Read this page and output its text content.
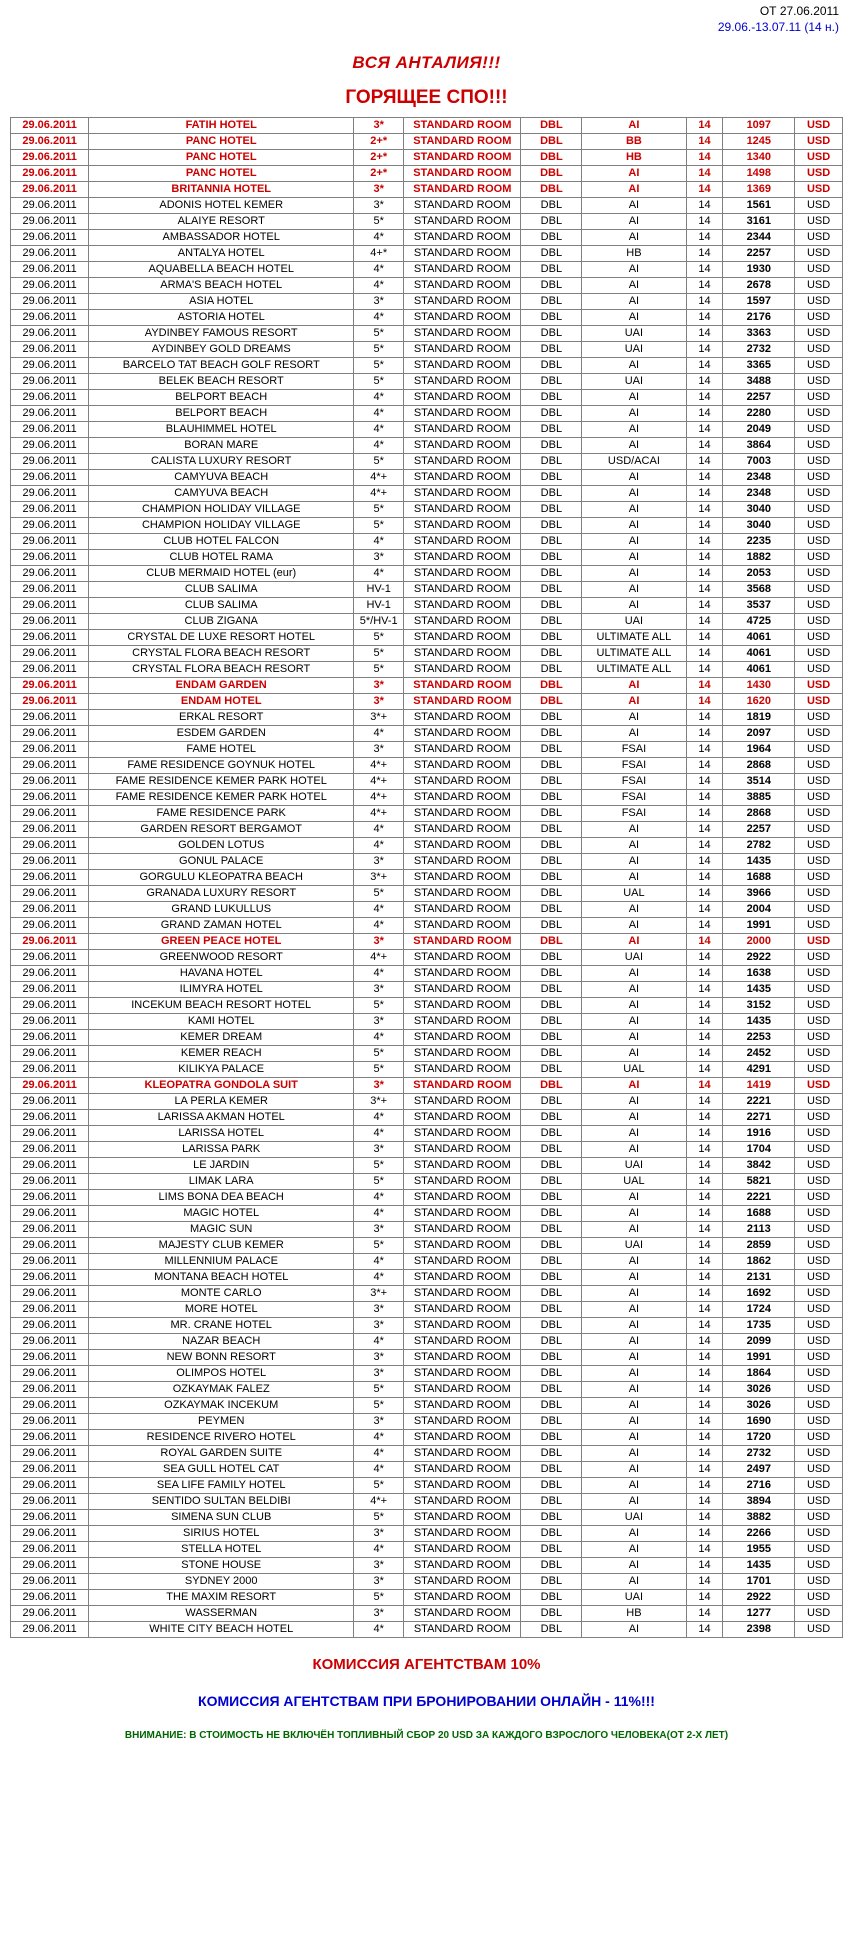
ОТ 27.06.2011
29.06.-13.07.11 (14 н.)
ВСЯ АНТАЛИЯ!!!
ГОРЯЩЕЕ СПО!!!
29.06.2011	FATIH HOTEL	3*	STANDARD ROOM	DBL	AI	14	1097	USD
29.06.2011	PANC HOTEL	2+*	STANDARD ROOM	DBL	BB	14	1245	USD
29.06.2011	PANC HOTEL	2+*	STANDARD ROOM	DBL	HB	14	1340	USD
29.06.2011	PANC HOTEL	2+*	STANDARD ROOM	DBL	AI	14	1498	USD
29.06.2011	BRITANNIA HOTEL	3*	STANDARD ROOM	DBL	AI	14	1369	USD
29.06.2011	ADONIS HOTEL KEMER	3*	STANDARD ROOM	DBL	AI	14	1561	USD
29.06.2011	ALAIYE RESORT	5*	STANDARD ROOM	DBL	AI	14	3161	USD
29.06.2011	AMBASSADOR HOTEL	4*	STANDARD ROOM	DBL	AI	14	2344	USD
29.06.2011	ANTALYA HOTEL	4+*	STANDARD ROOM	DBL	HB	14	2257	USD
29.06.2011	AQUABELLA BEACH HOTEL	4*	STANDARD ROOM	DBL	AI	14	1930	USD
29.06.2011	ARMA'S BEACH HOTEL	4*	STANDARD ROOM	DBL	AI	14	2678	USD
29.06.2011	ASIA HOTEL	3*	STANDARD ROOM	DBL	AI	14	1597	USD
29.06.2011	ASTORIA HOTEL	4*	STANDARD ROOM	DBL	AI	14	2176	USD
29.06.2011	AYDINBEY FAMOUS RESORT	5*	STANDARD ROOM	DBL	UAI	14	3363	USD
29.06.2011	AYDINBEY GOLD DREAMS	5*	STANDARD ROOM	DBL	UAI	14	2732	USD
29.06.2011	BARCELO TAT BEACH GOLF RESORT	5*	STANDARD ROOM	DBL	AI	14	3365	USD
29.06.2011	BELEK BEACH RESORT	5*	STANDARD ROOM	DBL	UAI	14	3488	USD
29.06.2011	BELPORT BEACH	4*	STANDARD ROOM	DBL	AI	14	2257	USD
29.06.2011	BELPORT BEACH	4*	STANDARD ROOM	DBL	AI	14	2280	USD
29.06.2011	BLAUHIMMEL HOTEL	4*	STANDARD ROOM	DBL	AI	14	2049	USD
29.06.2011	BORAN MARE	4*	STANDARD ROOM	DBL	AI	14	3864	USD
29.06.2011	CALISTA LUXURY RESORT	5*	STANDARD ROOM	DBL	USD/ACAI	14	7003	USD
29.06.2011	CAMYUVA BEACH	4*+	STANDARD ROOM	DBL	AI	14	2348	USD
29.06.2011	CAMYUVA BEACH	4*+	STANDARD ROOM	DBL	AI	14	2348	USD
29.06.2011	CHAMPION HOLIDAY VILLAGE	5*	STANDARD ROOM	DBL	AI	14	3040	USD
29.06.2011	CHAMPION HOLIDAY VILLAGE	5*	STANDARD ROOM	DBL	AI	14	3040	USD
29.06.2011	CLUB HOTEL FALCON	4*	STANDARD ROOM	DBL	AI	14	2235	USD
29.06.2011	CLUB HOTEL RAMA	3*	STANDARD ROOM	DBL	AI	14	1882	USD
29.06.2011	CLUB MERMAID HOTEL (eur)	4*	STANDARD ROOM	DBL	AI	14	2053	USD
29.06.2011	CLUB SALIMA	HV-1	STANDARD ROOM	DBL	AI	14	3568	USD
29.06.2011	CLUB SALIMA	HV-1	STANDARD ROOM	DBL	AI	14	3537	USD
29.06.2011	CLUB ZIGANA	5*/HV-1	STANDARD ROOM	DBL	UAI	14	4725	USD
29.06.2011	CRYSTAL DE LUXE RESORT HOTEL	5*	STANDARD ROOM	DBL	ULTIMATE ALL	14	4061	USD
29.06.2011	CRYSTAL FLORA BEACH RESORT	5*	STANDARD ROOM	DBL	ULTIMATE ALL	14	4061	USD
29.06.2011	CRYSTAL FLORA BEACH RESORT	5*	STANDARD ROOM	DBL	ULTIMATE ALL	14	4061	USD
29.06.2011	ENDAM GARDEN	3*	STANDARD ROOM	DBL	AI	14	1430	USD
29.06.2011	ENDAM HOTEL	3*	STANDARD ROOM	DBL	AI	14	1620	USD
29.06.2011	ERKAL RESORT	3*+	STANDARD ROOM	DBL	AI	14	1819	USD
29.06.2011	ESDEM GARDEN	4*	STANDARD ROOM	DBL	AI	14	2097	USD
29.06.2011	FAME HOTEL	3*	STANDARD ROOM	DBL	FSAI	14	1964	USD
29.06.2011	FAME RESIDENCE GOYNUK HOTEL	4*+	STANDARD ROOM	DBL	FSAI	14	2868	USD
29.06.2011	FAME RESIDENCE KEMER PARK HOTEL	4*+	STANDARD ROOM	DBL	FSAI	14	3514	USD
29.06.2011	FAME RESIDENCE KEMER PARK HOTEL	4*+	STANDARD ROOM	DBL	FSAI	14	3885	USD
29.06.2011	FAME RESIDENCE PARK	4*+	STANDARD ROOM	DBL	FSAI	14	2868	USD
29.06.2011	GARDEN RESORT BERGAMOT	4*	STANDARD ROOM	DBL	AI	14	2257	USD
29.06.2011	GOLDEN LOTUS	4*	STANDARD ROOM	DBL	AI	14	2782	USD
29.06.2011	GONUL PALACE	3*	STANDARD ROOM	DBL	AI	14	1435	USD
29.06.2011	GORGULU KLEOPATRA BEACH	3*+	STANDARD ROOM	DBL	AI	14	1688	USD
29.06.2011	GRANADA LUXURY RESORT	5*	STANDARD ROOM	DBL	UAL	14	3966	USD
29.06.2011	GRAND LUKULLUS	4*	STANDARD ROOM	DBL	AI	14	2004	USD
29.06.2011	GRAND ZAMAN HOTEL	4*	STANDARD ROOM	DBL	AI	14	1991	USD
29.06.2011	GREEN PEACE HOTEL	3*	STANDARD ROOM	DBL	AI	14	2000	USD
29.06.2011	GREENWOOD RESORT	4*+	STANDARD ROOM	DBL	UAI	14	2922	USD
29.06.2011	HAVANA HOTEL	4*	STANDARD ROOM	DBL	AI	14	1638	USD
29.06.2011	ILIMYRA HOTEL	3*	STANDARD ROOM	DBL	AI	14	1435	USD
29.06.2011	INCEKUM BEACH RESORT HOTEL	5*	STANDARD ROOM	DBL	AI	14	3152	USD
29.06.2011	KAMI HOTEL	3*	STANDARD ROOM	DBL	AI	14	1435	USD
29.06.2011	KEMER DREAM	4*	STANDARD ROOM	DBL	AI	14	2253	USD
29.06.2011	KEMER REACH	5*	STANDARD ROOM	DBL	AI	14	2452	USD
29.06.2011	KILIKYA PALACE	5*	STANDARD ROOM	DBL	UAL	14	4291	USD
29.06.2011	KLEOPATRA GONDOLA SUIT	3*	STANDARD ROOM	DBL	AI	14	1419	USD
29.06.2011	LA PERLA KEMER	3*+	STANDARD ROOM	DBL	AI	14	2221	USD
29.06.2011	LARISSA AKMAN HOTEL	4*	STANDARD ROOM	DBL	AI	14	2271	USD
29.06.2011	LARISSA HOTEL	4*	STANDARD ROOM	DBL	AI	14	1916	USD
29.06.2011	LARISSA PARK	3*	STANDARD ROOM	DBL	AI	14	1704	USD
29.06.2011	LE JARDIN	5*	STANDARD ROOM	DBL	UAI	14	3842	USD
29.06.2011	LIMAK LARA	5*	STANDARD ROOM	DBL	UAL	14	5821	USD
29.06.2011	LIMS BONA DEA BEACH	4*	STANDARD ROOM	DBL	AI	14	2221	USD
29.06.2011	MAGIC HOTEL	4*	STANDARD ROOM	DBL	AI	14	1688	USD
29.06.2011	MAGIC SUN	3*	STANDARD ROOM	DBL	AI	14	2113	USD
29.06.2011	MAJESTY CLUB KEMER	5*	STANDARD ROOM	DBL	UAI	14	2859	USD
29.06.2011	MILLENNIUM PALACE	4*	STANDARD ROOM	DBL	AI	14	1862	USD
29.06.2011	MONTANA BEACH HOTEL	4*	STANDARD ROOM	DBL	AI	14	2131	USD
29.06.2011	MONTE CARLO	3*+	STANDARD ROOM	DBL	AI	14	1692	USD
29.06.2011	MORE HOTEL	3*	STANDARD ROOM	DBL	AI	14	1724	USD
29.06.2011	MR. CRANE HOTEL	3*	STANDARD ROOM	DBL	AI	14	1735	USD
29.06.2011	NAZAR BEACH	4*	STANDARD ROOM	DBL	AI	14	2099	USD
29.06.2011	NEW BONN RESORT	3*	STANDARD ROOM	DBL	AI	14	1991	USD
29.06.2011	OLIMPOS HOTEL	3*	STANDARD ROOM	DBL	AI	14	1864	USD
29.06.2011	OZKAYMAK FALEZ	5*	STANDARD ROOM	DBL	AI	14	3026	USD
29.06.2011	OZKAYMAK INCEKUM	5*	STANDARD ROOM	DBL	AI	14	3026	USD
29.06.2011	PEYMEN	3*	STANDARD ROOM	DBL	AI	14	1690	USD
29.06.2011	RESIDENCE RIVERO HOTEL	4*	STANDARD ROOM	DBL	AI	14	1720	USD
29.06.2011	ROYAL GARDEN SUITE	4*	STANDARD ROOM	DBL	AI	14	2732	USD
29.06.2011	SEA GULL HOTEL CAT	4*	STANDARD ROOM	DBL	AI	14	2497	USD
29.06.2011	SEA LIFE FAMILY HOTEL	5*	STANDARD ROOM	DBL	AI	14	2716	USD
29.06.2011	SENTIDO SULTAN BELDIBI	4*+	STANDARD ROOM	DBL	AI	14	3894	USD
29.06.2011	SIMENA SUN CLUB	5*	STANDARD ROOM	DBL	UAI	14	3882	USD
29.06.2011	SIRIUS HOTEL	3*	STANDARD ROOM	DBL	AI	14	2266	USD
29.06.2011	STELLA HOTEL	4*	STANDARD ROOM	DBL	AI	14	1955	USD
29.06.2011	STONE HOUSE	3*	STANDARD ROOM	DBL	AI	14	1435	USD
29.06.2011	SYDNEY 2000	3*	STANDARD ROOM	DBL	AI	14	1701	USD
29.06.2011	THE MAXIM RESORT	5*	STANDARD ROOM	DBL	UAI	14	2922	USD
29.06.2011	WASSERMAN	3*	STANDARD ROOM	DBL	HB	14	1277	USD
29.06.2011	WHITE CITY BEACH HOTEL	4*	STANDARD ROOM	DBL	AI	14	2398	USD
КОМИССИЯ АГЕНТСТВАМ 10%
КОМИССИЯ АГЕНТСТВАМ ПРИ БРОНИРОВАНИИ ОНЛАЙН - 11%!!!
ВНИМАНИЕ: В СТОИМОСТЬ НЕ ВКЛЮЧЁН ТОПЛИВНЫЙ СБОР 20 USD ЗА КАЖДОГО ВЗРОСЛОГО ЧЕЛОВЕКА(ОТ 2-Х ЛЕТ)
